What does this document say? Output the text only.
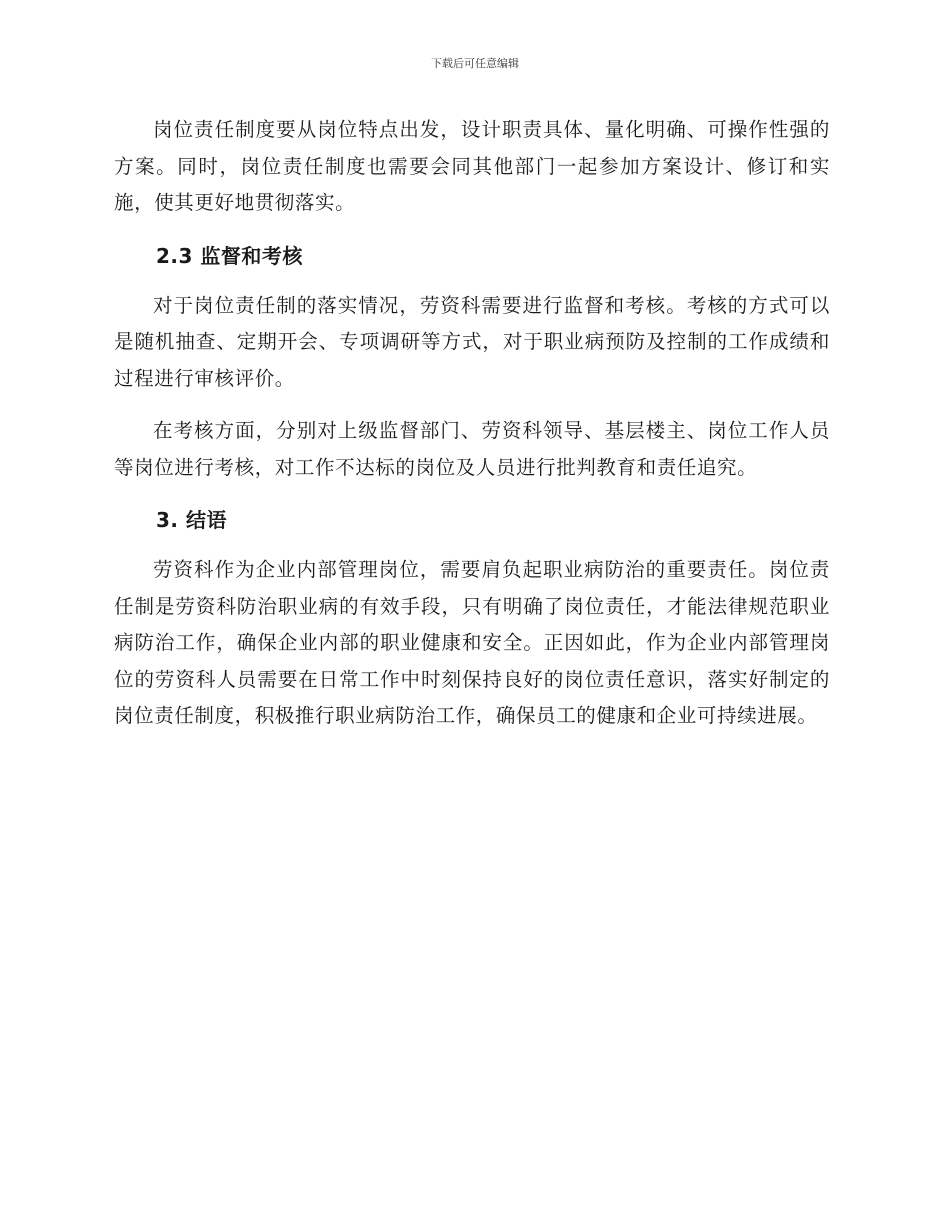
下载后可任意编辑

岗位责任制度要从岗位特点出发，设计职责具体、量化明确、可操作性强的方案。同时，岗位责任制度也需要会同其他部门一起参加方案设计、修订和实施，使其更好地贯彻落实。

2.3 监督和考核

对于岗位责任制的落实情况，劳资科需要进行监督和考核。考核的方式可以是随机抽查、定期开会、专项调研等方式，对于职业病预防及控制的工作成绩和过程进行审核评价。

在考核方面，分别对上级监督部门、劳资科领导、基层楼主、岗位工作人员等岗位进行考核，对工作不达标的岗位及人员进行批判教育和责任追究。

3. 结语

劳资科作为企业内部管理岗位，需要肩负起职业病防治的重要责任。岗位责任制是劳资科防治职业病的有效手段，只有明确了岗位责任，才能法律规范职业病防治工作，确保企业内部的职业健康和安全。正因如此，作为企业内部管理岗位的劳资科人员需要在日常工作中时刻保持良好的岗位责任意识，落实好制定的岗位责任制度，积极推行职业病防治工作，确保员工的健康和企业可持续进展。
